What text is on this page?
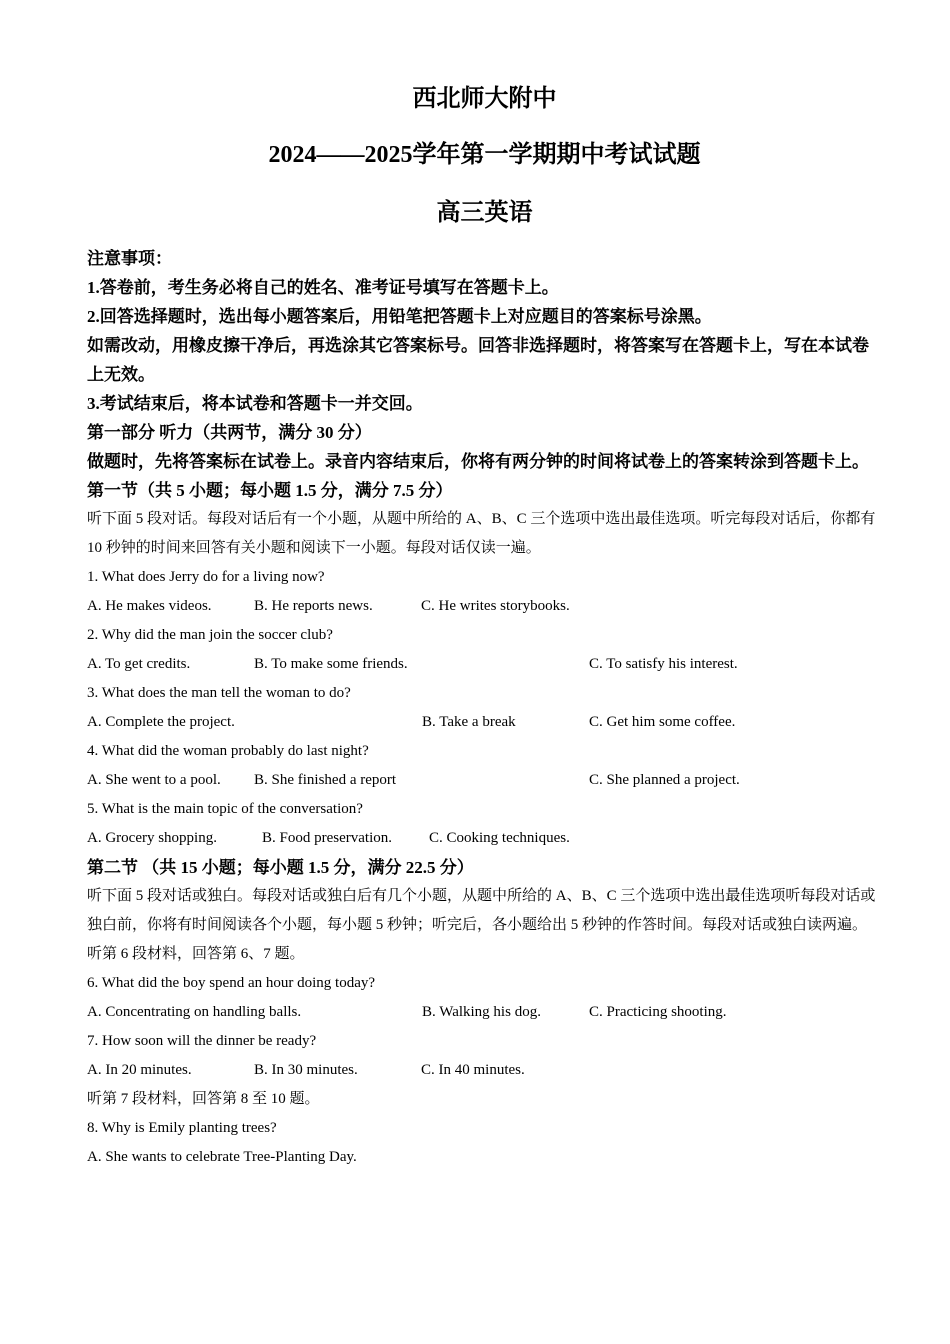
西北师大附中
2024——2025学年第一学期期中考试试题
高三英语
注意事项：
1.答卷前，考生务必将自己的姓名、准考证号填写在答题卡上。
2.回答选择题时，选出每小题答案后，用铅笔把答题卡上对应题目的答案标号涂黑。
如需改动，用橡皮擦干净后，再选涂其它答案标号。回答非选择题时，将答案写在答题卡上，写在本试卷上无效。
3.考试结束后，将本试卷和答题卡一并交回。
第一部分 听力（共两节，满分 30 分）
做题时，先将答案标在试卷上。录音内容结束后，你将有两分钟的时间将试卷上的答案转涂到答题卡上。
第一节（共 5 小题；每小题 1.5 分，满分 7.5 分）
听下面 5 段对话。每段对话后有一个小题，从题中所给的 A、B、C 三个选项中选出最佳选项。听完每段对话后，你都有 10 秒钟的时间来回答有关小题和阅读下一小题。每段对话仅读一遍。
1. What does Jerry do for a living now?
A. He makes videos.	B. He reports news.	C. He writes storybooks.
2. Why did the man join the soccer club?
A. To get credits.	B. To make some friends.	C. To satisfy his interest.
3. What does the man tell the woman to do?
A. Complete the project.	B. Take a break	C. Get him some coffee.
4. What did the woman probably do last night?
A. She went to a pool.	B. She finished a report	C. She planned a project.
5. What is the main topic of the conversation?
A. Grocery shopping.	B. Food preservation.	C. Cooking techniques.
第二节 （共 15 小题；每小题 1.5 分，满分 22.5 分）
听下面 5 段对话或独白。每段对话或独白后有几个小题，从题中所给的 A、B、C 三个选项中选出最佳选项听每段对话或独白前，你将有时间阅读各个小题，每小题 5 秒钟；听完后，各小题给出 5 秒钟的作答时间。每段对话或独白读两遍。
听第 6 段材料，回答第 6、7 题。
6. What did the boy spend an hour doing today?
A. Concentrating on handling balls.	B. Walking his dog.	C. Practicing shooting.
7. How soon will the dinner be ready?
A. In 20 minutes.	B. In 30 minutes.	C. In 40 minutes.
听第 7 段材料，回答第 8 至 10 题。
8. Why is Emily planting trees?
A. She wants to celebrate Tree-Planting Day.
